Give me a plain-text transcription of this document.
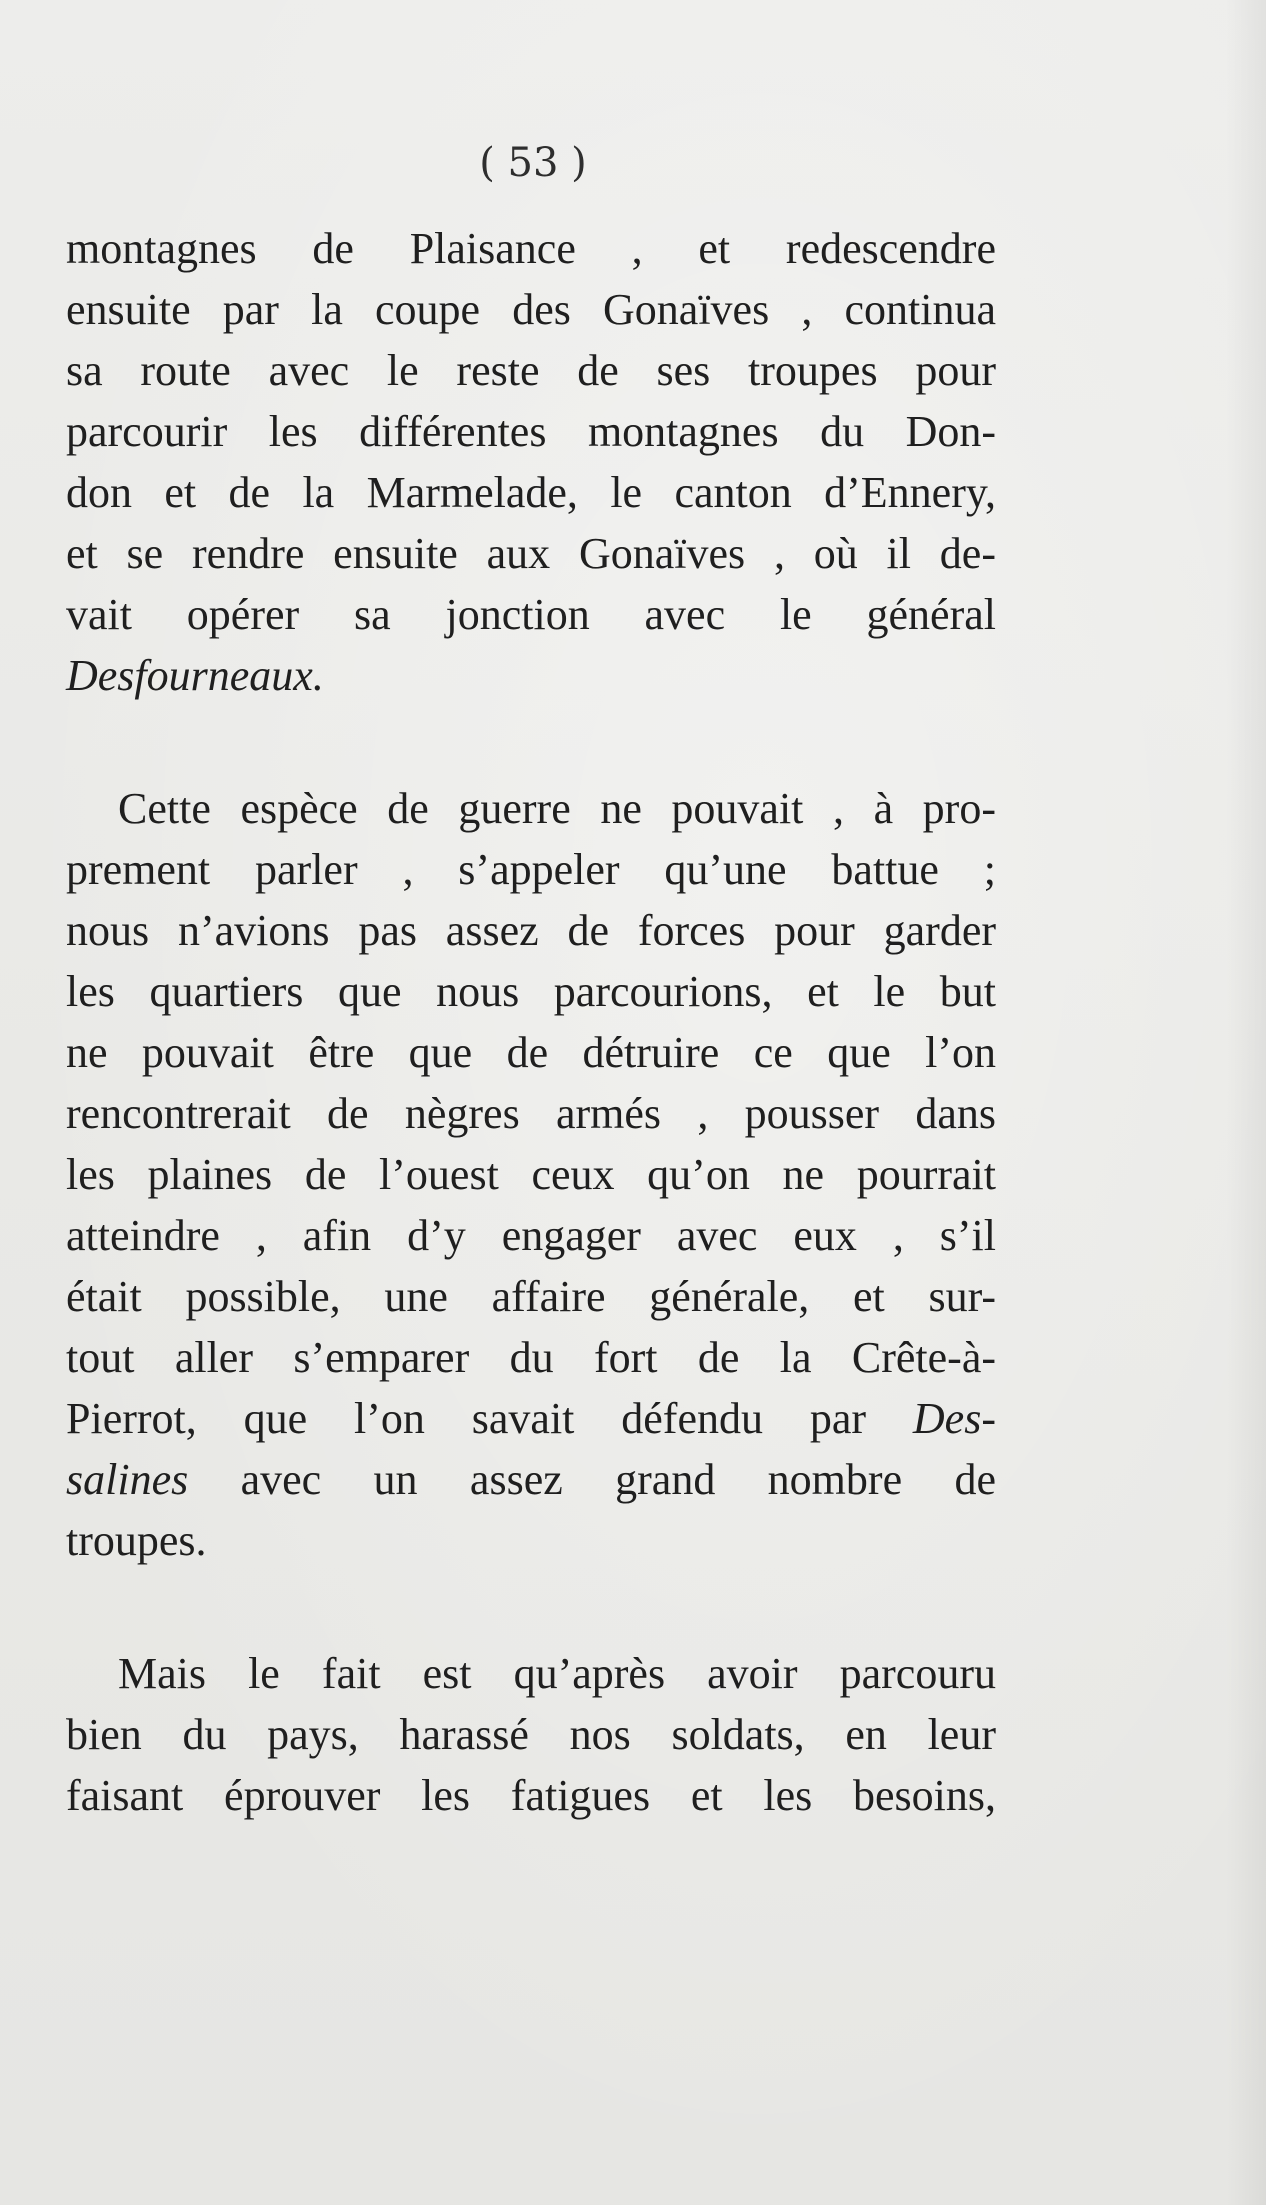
( 53 )
montagnes de Plaisance , et redescendre
ensuite par la coupe des Gonaïves , continua
sa route avec le reste de ses troupes pour
parcourir les différentes montagnes du Don-
don et de la Marmelade, le canton d’Ennery,
et se rendre ensuite aux Gonaïves , où il de-
vait opérer sa jonction avec le général
Desfourneaux.
Cette espèce de guerre ne pouvait , à pro-
prement parler , s’appeler qu’une battue ;
nous n’avions pas assez de forces pour garder
les quartiers que nous parcourions, et le but
ne pouvait être que de détruire ce que l’on
rencontrerait de nègres armés , pousser dans
les plaines de l’ouest ceux qu’on ne pourrait
atteindre , afin d’y engager avec eux , s’il
était possible, une affaire générale, et sur-
tout aller s’emparer du fort de la Crête-à-
Pierrot, que l’on savait défendu par Des-
salines avec un assez grand nombre de
troupes.
Mais le fait est qu’après avoir parcouru
bien du pays, harassé nos soldats, en leur
faisant éprouver les fatigues et les besoins,
